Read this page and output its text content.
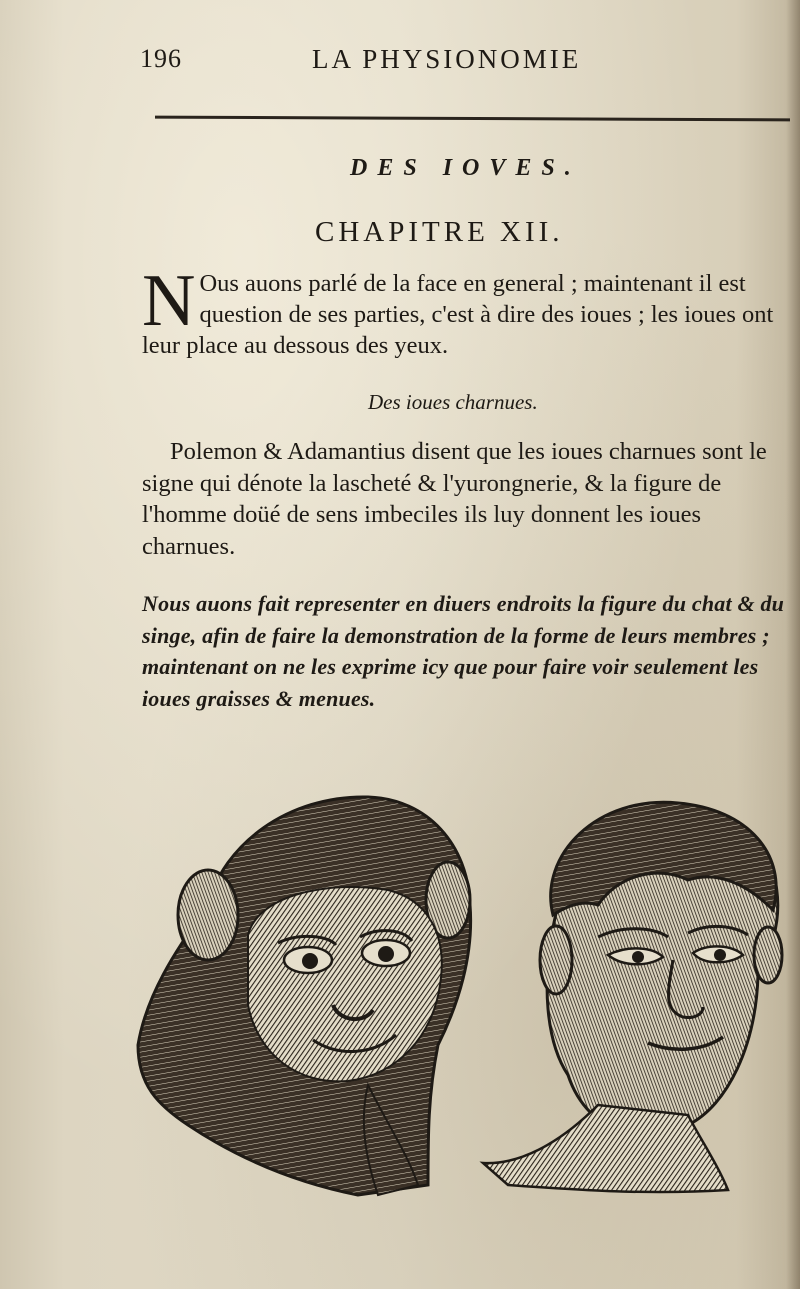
196	LA PHYSIONOMIE
DES IOVES.
CHAPITRE XII.
N Ous auons parlé de la face en general ; maintenant il est question de ses parties, c'est à dire des ioues ; les ioues ont leur place au dessous des yeux.
Des ioues charnues.
Polemon & Adamantius disent que les ioues charnues sont le signe qui dénote la lascheté & l'yurongnerie, & la figure de l'homme doüé de sens imbeciles ils luy donnent les ioues charnues.
Nous auons fait representer en diuers endroits la figure du chat & du singe, afin de faire la demonstration de la forme de leurs membres ; maintenant on ne les exprime icy que pour faire voir seulement les ioues graisses & menues.
